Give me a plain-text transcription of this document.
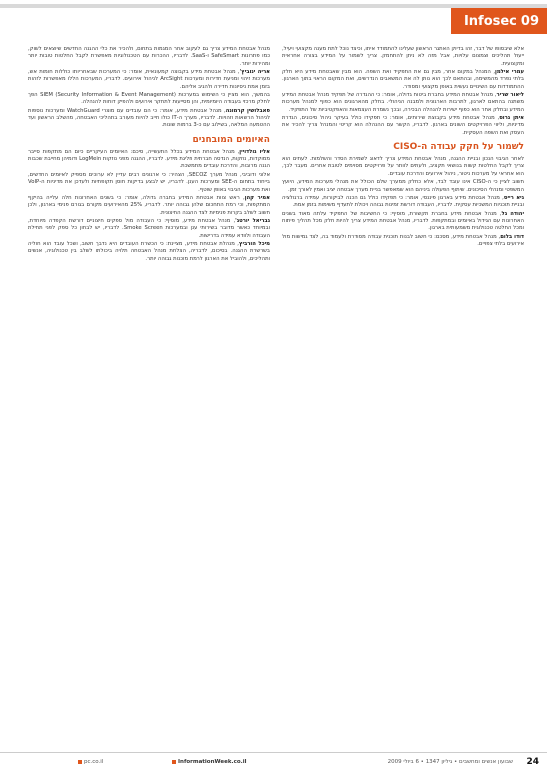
Infosec 09

אלא שיבסופו של דבר, זהו בדיוק האתגר הראשון שעלינו להתמודד איתו, וכיצד נוכל לתת מענה מקצועי ויעיל, ייעול תהליכים וצמצום עלויות, אבל מזה לא ניתן להתחמק. צריך לשמור על המידע בצורה אחראית ומקצועית.

עמרי אילמן, המנהל במקום אחר, מבין גם את התפקיד ואת השפה. הוא מבין שאבטחת מידע היא חלק בלתי נפרד מהמשימה, ובהתאם לכך הוא נותן לה את המשאבים הנדרשים, ואת המקום הראוי בתוך הארגון. ההתמודדות עם השינויים נעשית באופן מקצועי ומסודר.

ליאור שריר, מנהל אבטחת המידע בחברת ביטוח גדולה, אומר: כי ההגדרה של תפקיד מנהל אבטחת המידע משתנה בהתאם לארגון, לתרבות הארגונית ולמבנה הניהולי. בחלק מהארגונים הוא כפוף למנהל מערכות המידע ובחלק אחר הוא כפוף ישירות להנהלה הבכירה, ובכך נשמרת העצמאות והאפקטיביות של התפקיד.

איתן גרוס, מנהל אבטחת מידע בקבוצת שירותים, אומר: כי תפקידו כולל בעיקר ניהול סיכונים, הגדרת מדיניות, וליווי הפרויקטים השונים בארגון. לדבריו, הקשר עם ההנהלה הוא קריטי והמנהל צריך להכיר את העסק ואת השפה העסקית.

לשמור על חקק עבודה ה-CISO

לאחר הגיבוי הנכון ובניית ההגנה, מנהל אבטחת המידע צריך לדאוג לשמירת הסדר והשלמות. לעתים הוא צריך לקבל החלטות קשות בנושאי תקציב, ולעתים לוותר על פרויקטים מסוימים לטובת אחרים. מעבר לכך, הוא אחראי על מערכות ניטור, ניהול אירועים והדרכת עובדים.

חשוב לציין כי ה-CISO אינו עובד לבד, אלא כחלק ממערך שלם הכולל את מנהלי מערכות המידע, היועץ המשפטי ומנהלי הסיכונים. שיתוף הפעולה ביניהם הוא שמאפשר בניית מערך אבטחה יציב ואמין לאורך זמן.

גיא רייס, מנהל אבטחת מידע בארגון פיננסי, אומר: כי תפקידו כולל גם הכנה לביקורות, עמידה ברגולציה ובניית תוכניות המשכיות עסקית. לדבריו, העבודה דורשת זמינות גבוהה ויכולת לתעדף משימות בזמן אמת.

יהודה גל, מנהל אבטחת מידע בחברת תקשורת, מוסיף: כי החשיבות של התפקיד עלתה מאוד בשנים האחרונות עם הגידול באיומים ובמתקפות. לדבריו, מנהל אבטחת המידע צריך להיות חלק מכל תהליך פיתוח ומכל החלטה טכנולוגית משמעותית בארגון.

דודו בלום, מנהל אבטחת מידע, מסכם: כי חשוב לבנות תוכנית עבודה מסודרת ולעמוד בה, לצד גמישות מול אירועים בלתי צפויים.

מנהל אבטחת המידע צריך גם לעקוב אחר המגמות בתחום, ולהכיר את כלי ההגנה החדשים שיוצאים לשוק, כמו פתרונות SafeSmart ו-SaaS. לדבריו, ההכרות עם הטכנולוגיות מאפשרת לקבל החלטות טובות יותר ומהירות יותר.

אריה ינוביץ', מנהל אבטחת מידע בקבוצה קמעונאית, אומר: כי המערכות שבאחריותו כוללות חומות אש, מערכות זיהוי ומניעת חדירות ומערכות ArcSight לניהול אירועים. לדבריו, המערכות הללו מאפשרות לזהות בזמן אמת ניסיונות חדירה ולהגיב אליהם.

בהמשך, הוא מציין כי השימוש במערכות SIEM (Security Information & Event Management) הפך לחלק מרכזי בעבודה היומיומית, והן מסייעות לתחקר אירועים ולהפיק דוחות להנהלה.

פאבלושין קרמונה, מנהל אבטחת מידע, אומר: כי הם עובדים עם מוצרי WatchGuard ומערכות נוספות לניהול הרשאות וזהויות. לדבריו, מערך ה-IT כולו חייב להיות מעורב בתהליכי האבטחה, מהשלב הראשון ועד ההטמעה המלאה, בשילוב עם כ-3 ברמות שונות.

האיומים המובחנים

אליו גולדויין, מנהל אבטחת המידע בכלל התעשייה, סיכם: האיומים העיקריים כיום הם מתקפות סייבר ממוקדות, נוזקות, הנדסה חברתית וזליגת מידע. לדבריו, ההגנה מפני נוזקות LogMein ודומיהן מחייבת שכבות הגנה מרובות, והדרכת עובדים מתמשכת.

אלוני ודוביבי, מנהל מערך SECOZ, הצהיר: כי ארגונים רבים עדיין לא ערוכים מספיק לאיומים החדשים, בייחוד בתחום ה-SEE ומערכות הענן. לדבריו, יש לבצע בדיקות חוסן תקופתיות ולעדכן את מדיניות ה-VoIP ואת מערכות הגיבוי באופן שוטף.

אמיר קהן, ראש צוות אבטחת המידע בחברה גדולה, אומר: כי בשנים האחרונות חלה עלייה בהיקף המתקפות, וכי רמת התחכום שלהן גבוהה יותר. לדבריו, 25% מהאירועים מקורם בגורם פנימי בארגון, ולכן חשוב לשלב בקרות פנימיות לצד ההגנה החיצונית.

גבריאל יורטג', מנהל אבטחת מידע, מוסיף: כי העבודה מול ספקים חיצוניים דורשת הקפדה מיוחדת, ובמיוחד כאשר מדובר בשירותי ענן ובמערכות Smoke Screen. לדבריו, יש לבחון כל ספק לפני תחילת העבודה ולוודא עמידה בדרישות.

מיכל הורביץ, מנהלת אבטחת מידע, מציינת: כי הכשרת העובדים היא נדבך חשוב, ושכל עובד הוא חוליה בשרשרת ההגנה. בסיכום, לדבריה, הצלחת מנהל האבטחה תלויה ביכולתו לשלב בין טכנולוגיה, אנשים ותהליכים, ולהוביל את הארגון לרמת מוכנות גבוהה יותר.

24
שבועון אנשים ומחשבים • גיליון 1347 • 6 ביולי 2009
InformationWeek.co.il
pc.co.il
